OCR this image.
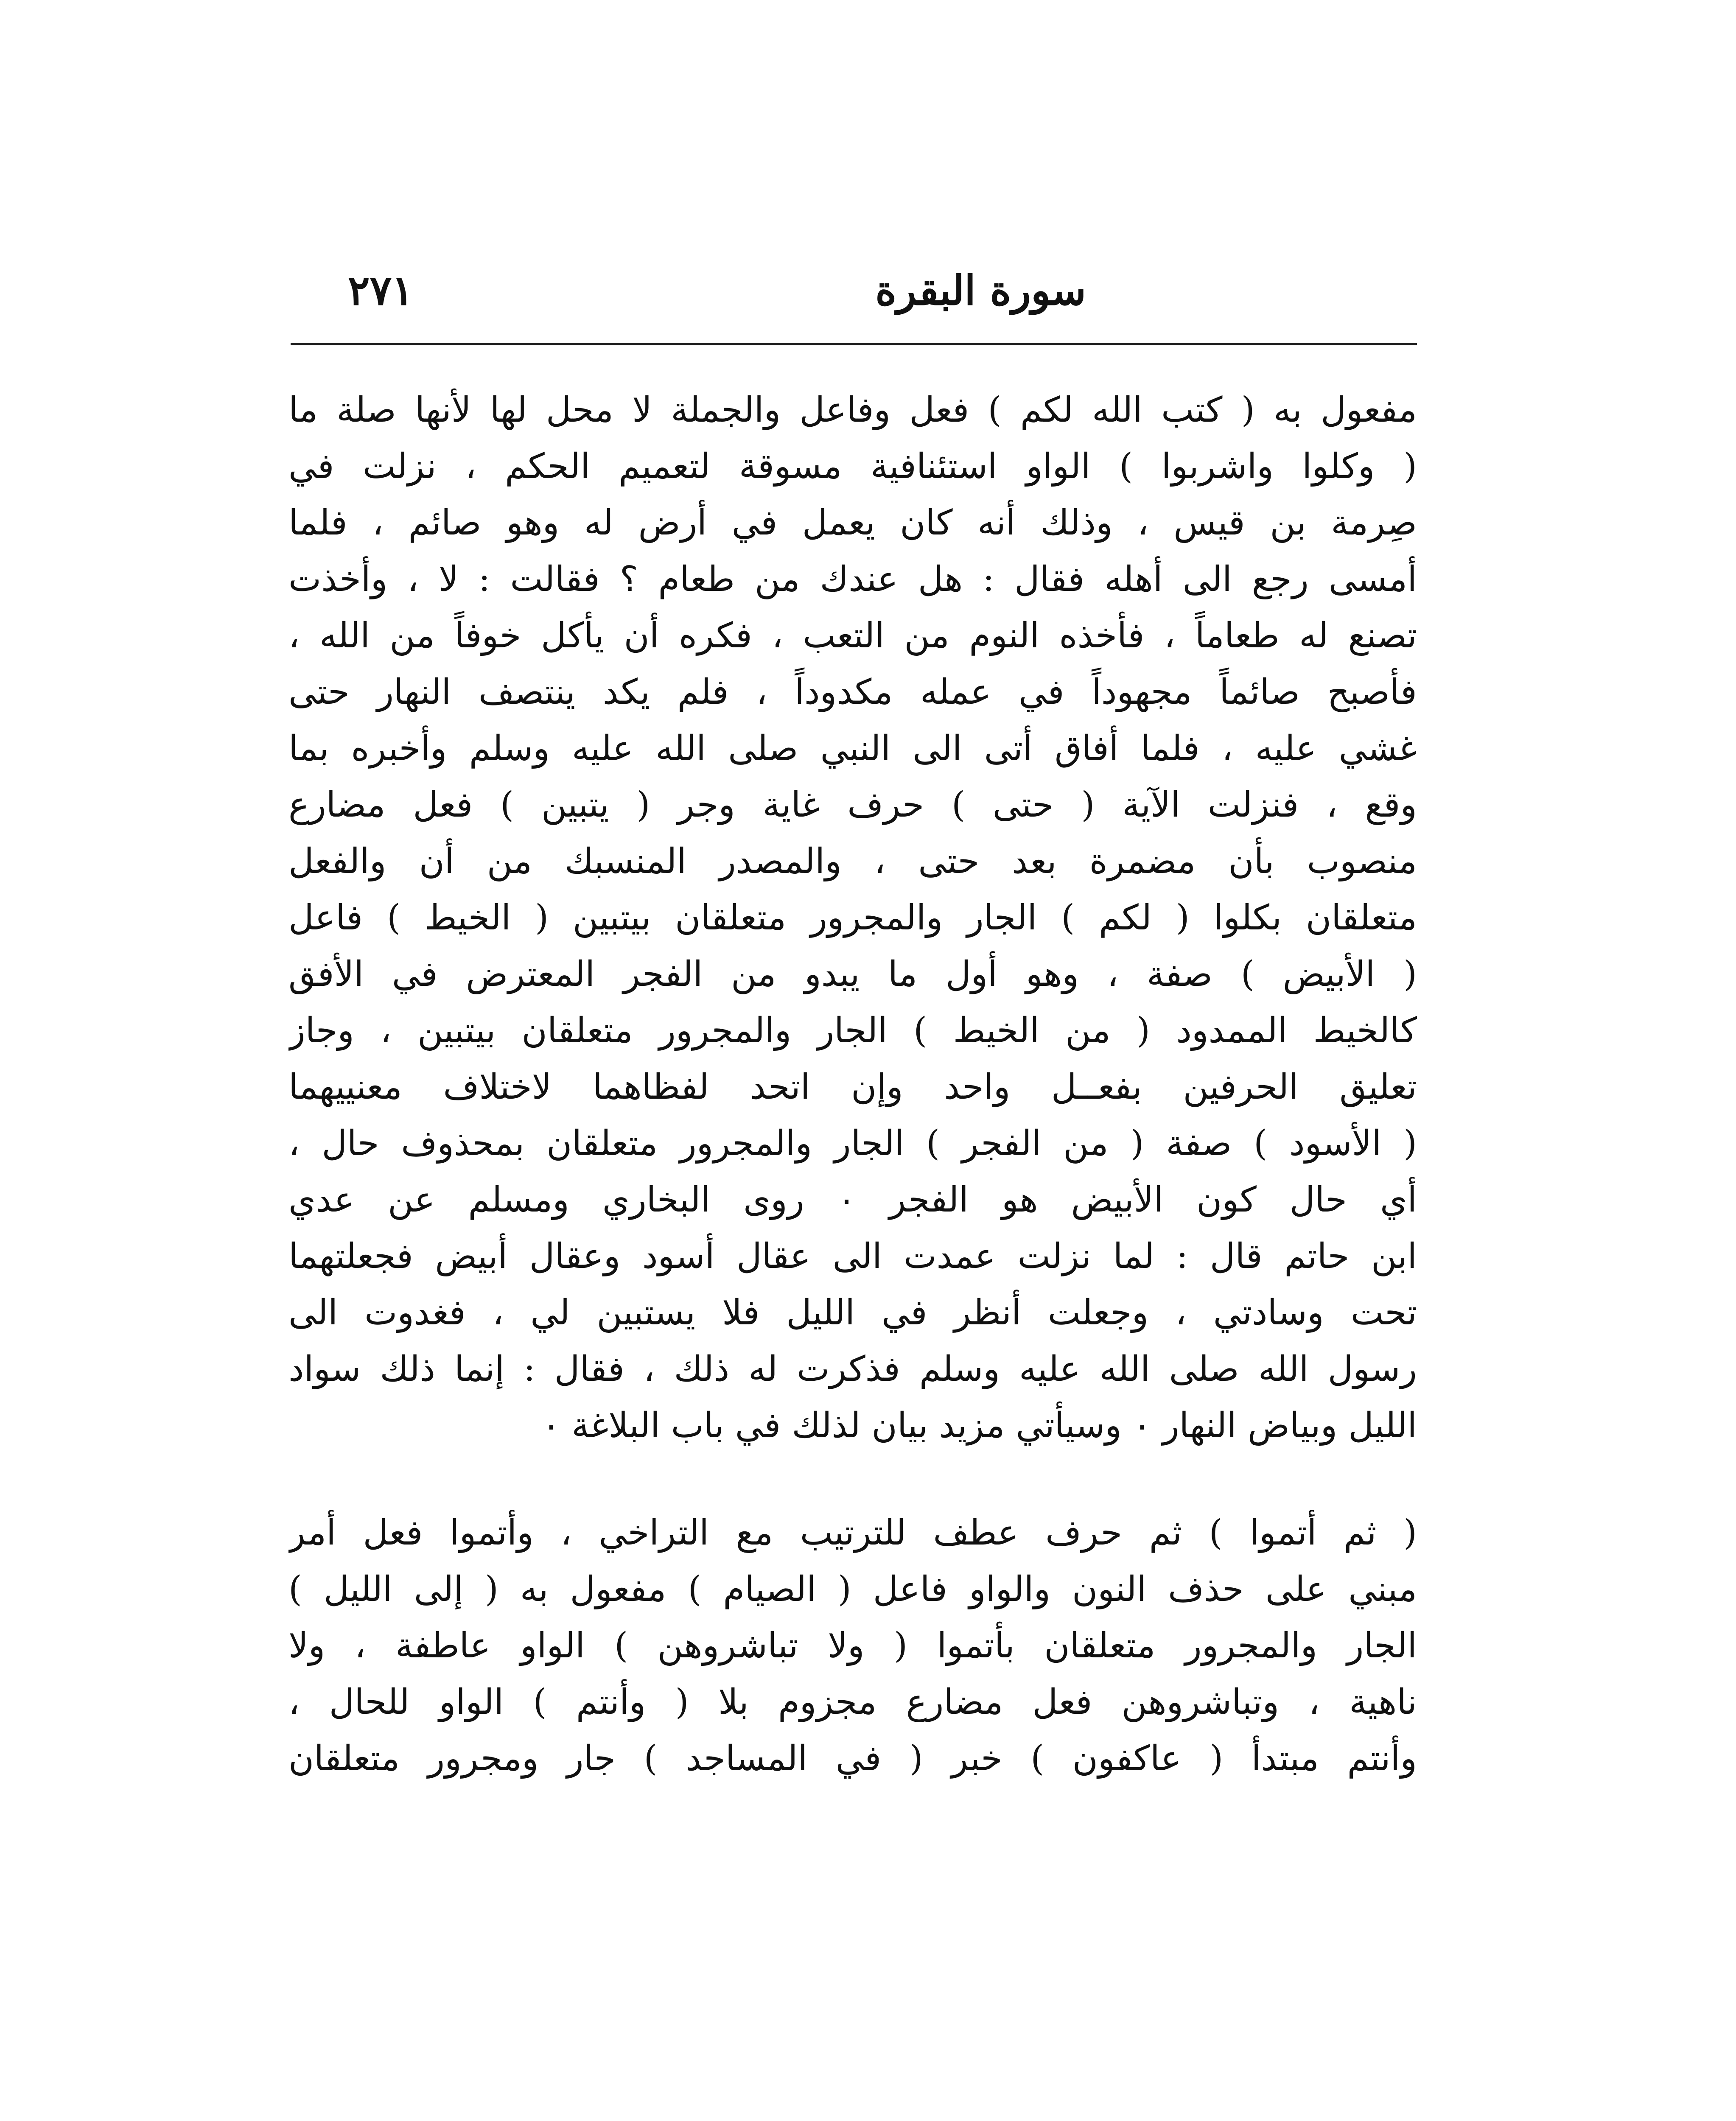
سورة البقرة
٢٧١
مفعول به ( كتب الله لكم ) فعل وفاعل والجملة لا محل لها لأنها صلة ما
( وكلوا واشربوا ) الواو استئنافية مسوقة لتعميم الحكم ، نزلت في
صِرمة بن قيس ، وذلك أنه كان يعمل في أرض له وهو صائم ، فلما
أمسى رجع الى أهله فقال : هل عندك من طعام ؟ فقالت : لا ، وأخذت
تصنع له طعاماً ، فأخذه النوم من التعب ، فكره أن يأكل خوفاً من الله ،
فأصبح صائماً مجهوداً في عمله مكدوداً ، فلم يكد ينتصف النهار حتى
غشي عليه ، فلما أفاق أتى الى النبي صلى الله عليه وسلم وأخبره بما
وقع ، فنزلت الآية ( حتى ) حرف غاية وجر ( يتبين ) فعل مضارع
منصوب بأن مضمرة بعد حتى ، والمصدر المنسبك من أن والفعل
متعلقان بكلوا ( لكم ) الجار والمجرور متعلقان بيتبين ( الخيط ) فاعل
( الأبيض ) صفة ، وهو أول ما يبدو من الفجر المعترض في الأفق
كالخيط الممدود ( من الخيط ) الجار والمجرور متعلقان بيتبين ، وجاز
تعليق الحرفين بفعــل واحد وإن اتحد لفظاهما لاختلاف معنييهما
( الأسود ) صفة ( من الفجر ) الجار والمجرور متعلقان بمحذوف حال ،
أي حال كون الأبيض هو الفجر ٠ روى البخاري ومسلم عن عدي
ابن حاتم قال : لما نزلت عمدت الى عقال أسود وعقال أبيض فجعلتهما
تحت وسادتي ، وجعلت أنظر في الليل فلا يستبين لي ، فغدوت الى
رسول الله صلى الله عليه وسلم فذكرت له ذلك ، فقال : إنما ذلك سواد
الليل وبياض النهار ٠ وسيأتي مزيد بيان لذلك في باب البلاغة ٠
( ثم أتموا ) ثم حرف عطف للترتيب مع التراخي ، وأتموا فعل أمر
مبني على حذف النون والواو فاعل ( الصيام ) مفعول به ( إلى الليل )
الجار والمجرور متعلقان بأتموا ( ولا تباشروهن ) الواو عاطفة ، ولا
ناهية ، وتباشروهن فعل مضارع مجزوم بلا ( وأنتم ) الواو للحال ،
وأنتم مبتدأ ( عاكفون ) خبر ( في المساجد ) جار ومجرور متعلقان
